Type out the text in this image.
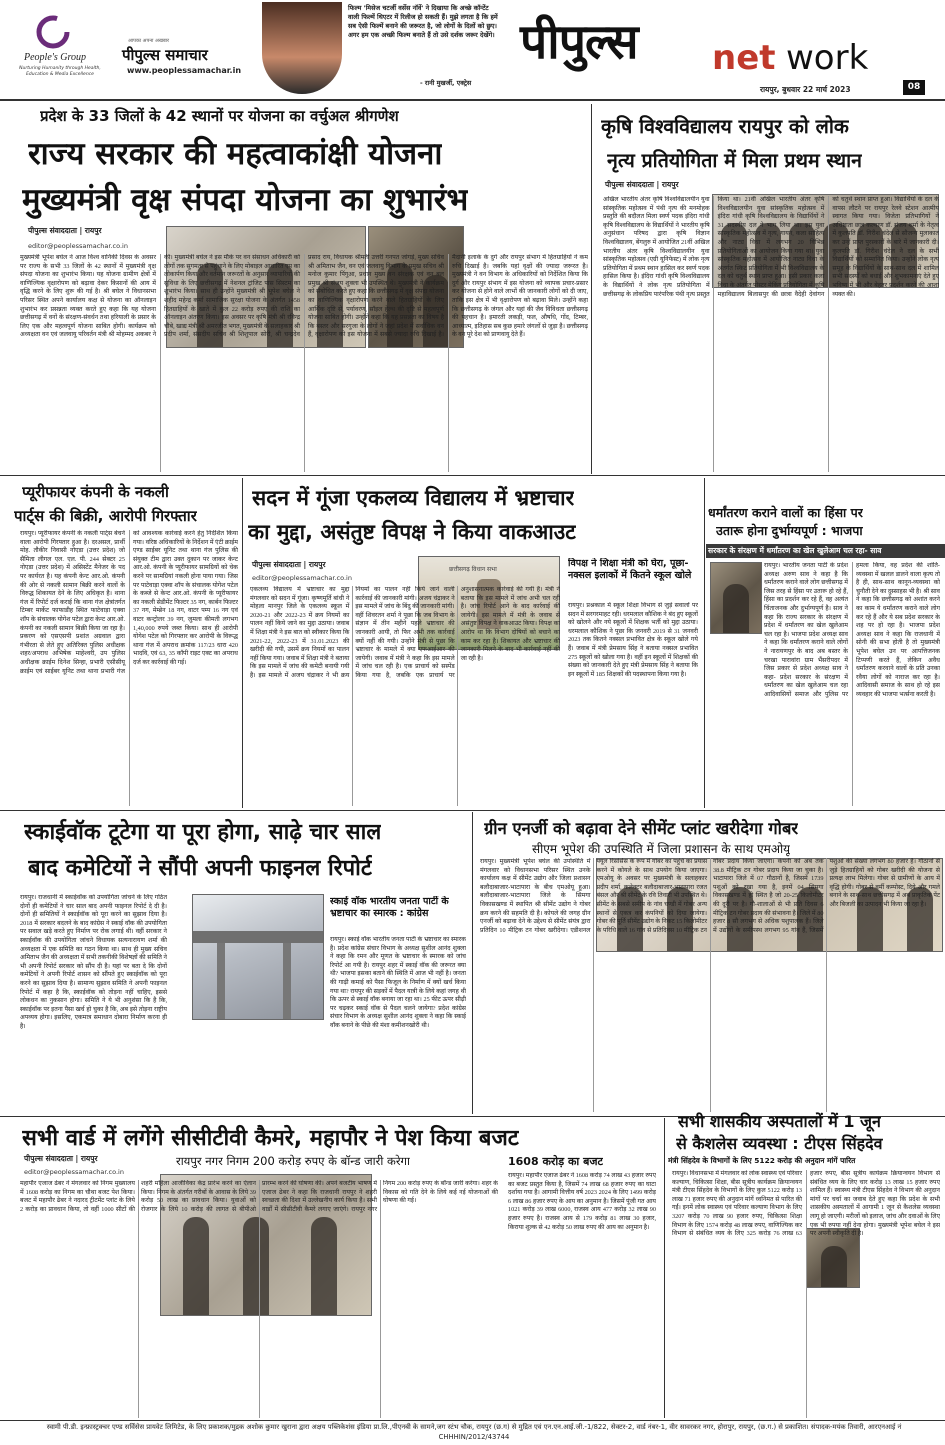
People's Group
Nurturing Humanity through Health, Education & Media Excellence
आपका अपना अखबार
पीपुल्स समाचार
www.peoplessamachar.in
फिल्म 'मिसेज चटर्जी वर्सेस नॉर्वे' ने दिखाया कि अच्छे कॉन्टेंट वाली फिल्में थिएटर में रिलीज हो सकती हैं। मुझे लगता है कि हमें सब ऐसी फिल्में बनाने की जरूरत है, जो लोगों के दिलों को छुए। अगर हम एक अच्छी फिल्म बनाते हैं तो उसे दर्शक जरूर देखेंगे।
- रानी मुखर्जी, एक्ट्रेस
पीपुल्स net work
रायपुर, बुधवार 22 मार्च 2023	08
प्रदेश के 33 जिलों के 42 स्थानों पर योजना का वर्चुअल श्रीगणेश
राज्य सरकार की महत्वाकांक्षी योजना
मुख्यमंत्री वृक्ष संपदा योजना का शुभारंभ
पीपुल्स संवाददाता | रायपुर
editor@peoplessamachar.co.in
मुख्यमंत्री भूपेश बघेल ने आज विश्व वानिकी दिवस के अवसर पर राज्य के सभी 33 जिलों के 42 स्थानों में मुख्यमंत्री वृक्ष संपदा योजना का शुभारंभ किया। यह योजना ग्रामीण क्षेत्रों में वाणिज्यिक वृक्षारोपण को बढ़ावा देकर किसानों की आय में वृद्धि करने के लिए शुरू की गई है। श्री बघेल ने विधानसभा परिसर स्थित अपने कार्यालय कक्ष से योजना का ऑनलाइन शुभारंभ कर प्रसन्नता व्यक्त करते हुए कहा कि यह योजना छत्तीसगढ़ में वनों के संरक्षण-संवर्धन तथा हरियाली के प्रसार के लिए एक और महत्वपूर्ण योजना साबित होगी। कार्यक्रम को अध्यक्षता वन एवं जलवायु परिवर्तन मंत्री श्री मोहम्मद अकबर ने की। मुख्यमंत्री बघेल ने इस मौके पर वन संसाधन अधिकारी को लोगों तक सुगमता से पहुंचाने के लिए मोबाइल आधारित एप का लोकार्पण किया और वर्तमान जरूरतों के अनुसार व्यापारियों की सुविधा के लिए छत्तीसगढ़ में नेशनल ट्रांजिट पास सिस्टम का शुभारंभ किया। साथ ही उन्होंने मुख्यमंत्री श्री भूपेश बघेल ने शहीद महेन्द्र कर्मा सामाजिक सुरक्षा योजना के अंतर्गत 1458 हितग्राहियों के खाते में कुल 22 करोड़ रुपए की राशि का ऑनलाइन अंतरण किया। इस अवसर पर कृषि मंत्री श्री रविन्द्र चौबे, खाद्य मंत्री श्री अमरजीत भगत, मुख्यमंत्री के सलाहकार श्री प्रदीप शर्मा, संसदीय सचिव श्री शिशुपाल सोरी, श्री चन्द्रदेव प्रसाद राय, विधायक श्रीमती उत्तरी गनपत जांगड़े, मुख्य सचिव श्री अमिताभ जैन, वन एवं जलवायु विभाग के प्रमुख सचिव श्री मनोज कुमार पिंगुआ, प्रधान मुख्य वन संरक्षक एवं वन बल प्रमुख श्री संजय शुक्ला भी उपस्थित थे। मुख्यमंत्री ने कार्यक्रम को संबोधित करते हुए कहा कि छत्तीसगढ़ में वृक्ष संपदा योजना का वाणिज्यिक वृक्षारोपण करने वाले हितग्राहियों के लिए आर्थिक दृष्टि से, पर्यावरण, सॉइल हेल्थ की दृष्टि से महत्वपूर्ण योजना साबित होगी। उन्होंने कहा कि यह प्रसन्नता का विषय है कि बस्तर और सरगुजा के लोगों ने जहां प्रदेश में सर्वाधिक वन हैं, वृक्षारोपण को इस योजना में सबसे ज्यादा रुचि दिखाई है। मैदानी इलाके के दुर्ग और रायपुर संभाग में हितग्राहियों ने कम रुचि दिखाई है। जबकि यहां वृक्षों की ज्यादा जरूरत है। मुख्यमंत्री ने वन विभाग के अधिकारियों को निर्देशित किया कि दुर्ग और रायपुर संभाग में इस योजना को व्यापक प्रचार-प्रसार कर योजना से होने वाले लाभों की जानकारी लोगों को दी जाए, ताकि इस क्षेत्र में भी वृक्षारोपण को बढ़ावा मिले। उन्होंने कहा कि छत्तीसगढ़ के जंगल और यहां की जैव विविधता छत्तीसगढ़ की पहचान है। इमारती लकड़ी, फल, औषधि, गोंद, टिम्बर, आध्यात्म, इतिहास सब कुछ हमारे जंगलों से जुड़ा है। छत्तीसगढ़ के वन पूरे देश को प्राणवायु देते हैं।
कृषि विश्वविद्यालय रायपुर को लोक
नृत्य प्रतियोगिता में मिला प्रथम स्थान
पीपुल्स संवाददाता | रायपुर
अखिल भारतीय अंतर कृषि विश्वविद्यालयीन युवा सांस्कृतिक महोत्सव में पंथी नृत्य की मनमोहक प्रस्तुति की बदौलत मिला स्वर्ण पदक इंदिरा गांधी कृषि विश्वविद्यालय के विद्यार्थियों ने भारतीय कृषि अनुसंधान परिषद द्वारा कृषि विज्ञान विश्वविद्यालय, बेंगलुरु में आयोजित 21वीं अखिल भारतीय अंतर कृषि विश्वविद्यालयीन युवा सांस्कृतिक महोत्सव (एग्री यूनिफेस्ट) में लोक नृत्य प्रतियोगिता में प्रथम स्थान हासिल कर स्वर्ण पदक हासिल किया है। इंदिरा गांधी कृषि विश्वविद्यालय के विद्यार्थियों ने लोक नृत्य प्रतियोगिता में छत्तीसगढ़ के लोकप्रिय पारंपरिक पंथी नृत्य प्रस्तुत किया था। 21वीं अखिल भारतीय अंतर कृषि विश्वविद्यालयीन युवा सांस्कृतिक महोत्सव में इंदिरा गांधी कृषि विश्वविद्यालय के विद्यार्थियों ने 31 सदस्यीय दल ने भाग लिया था। इस युवा सांस्कृतिक महोत्सव में नृत्य, गायन, कला साहित्य और नाट्य विधा में लगभग 20 विभिन्न प्रतियोगिताओं का आयोजन किया गया था। युवा सांस्कृतिक महोत्सव में आयोजित नाट्य विधा के अंतर्गत स्किट प्रतियोगिता में भी विश्वविद्यालय के दल को चतुर्थ स्थान प्राप्त हुआ। इसी प्रकार कला विधा के अंतर्गत पोस्टर मेकिंग प्रतियोगिता में कृषि महाविद्यालय बिलासपुर की छात्रा वैदेही देवांगन को चतुर्थ स्थान प्राप्त हुआ। विद्यार्थियों के दल के वापस लौटने पर रायपुर रेलवे स्टेशन आत्मीय स्वागत किया गया। विजेता प्रतिभागियों ने अधिष्ठाता छात्र कल्याण डॉ. संजय शर्मा के नेतृत्व में कुलपति डॉ. गिरीश चंदेल से सौजन्य मुलाकात कर उन्हें प्राप्त पुरस्कारों के बारे में जानकारी दी। कुलपति डॉ. गिरीश चंदेल ने दल के सभी विद्यार्थियों को सम्मानित किया। उन्होंने लोक नृत्य समूह के विद्यार्थियों के साथ-साथ दल में शामिल सभी सदस्यों को बधाई और शुभकामनाएं देते हुए भविष्य में भी और बेहतर प्रदर्शन करने की आशा व्यक्त की।
प्यूरीफायर कंपनी के नकली
पार्ट्स की बिक्री, आरोपी गिरफ्तार
रायपुर। प्यूरीफायर कंपनी के नकली पार्ट्स बेचने वाला आरोपी गिरफ्तार हुआ है। दरअसल, प्रार्थी मोह. तौकीर निवासी नोएडा (उत्तर प्रदेश) जो सैमिता लीगल एल. एल. पी. 244 सेक्टर 25 नोएडा (उत्तर प्रदेश) में असिस्टेंट मैनेजर के पद पर कार्यरत है। यह कंपनी केन्ट आर.ओ. कंपनी की ओर से नकली सामान बिक्री करने वालों के विरुद्ध शिकायत देने के लिए अधिकृत है। थाना गंज में रिपोर्ट दर्ज कराई कि थाना गंज क्षेत्रांतर्गत टिम्बर मार्केट फाफाडीह स्थित फाटेवाड़ा एक्वा शॉप के संचालक योगेश पटेल द्वारा केन्ट आर.ओ. कंपनी का नकली सामान बिक्री किया जा रहा है। प्रकरण को एसएसपी प्रशांत अग्रवाल द्वारा गंभीरता से लेते हुए अतिरिक्त पुलिस अधीक्षक शहर/अपराध अभिषेक माहेश्वरी, उप पुलिस अधीक्षक क्राईम दिनेश सिन्हा, प्रभारी एसीसीयू क्राईम एवं साईबर यूनिट तथा थाना प्रभारी गंज को आवश्यक कार्रवाई करने हेतु निर्देशित किया गया। वरिष्ठ अधिकारियों के निर्देशन में एंटी क्राईम एण्ड साईबर यूनिट तथा थाना गंज पुलिस की संयुक्त टीम द्वारा उक्त दुकान पर जाकर केन्ट आर.ओ. कंपनी के प्यूरीफायर सामग्रियों को चेक करने पर सामग्रियां नकली होना पाया गया। जिस पर पाटेवाड़ा एक्वा शॉप के संचालक योगेश पटेल के कब्जे से केन्ट आर.ओ. कंपनी के प्यूरीफायर का नकली सेडीमेंट फिल्टर 35 नग, कार्बन फिल्टर 37 नग, मेम्ब्रेन 18 नग, वाटर पम्प 16 नग एवं वाटर कन्ट्रोलर 39 नग, जुमला कीमती लगभग 1,40,000 रुपये जब्त किया। साथ ही आरोपी योगेश पटेल को गिरफ्तार कर आरोपी के विरूद्ध थाना गंज में अपराध क्रमांक 117/23 धारा 420 भादवि, एवं 63, 35 कॉपी राइट एक्ट का अपराध दर्ज कर कार्रवाई की गई।
सदन में गूंजा एकलव्य विद्यालय में भ्रष्टाचार
का मुद्दा, असंतुष्ट विपक्ष ने किया वाकआउट
पीपुल्स संवाददाता | रायपुर
editor@peoplessamachar.co.in
छत्तीसगढ़ विधान सभा
एकलव्य विद्यालय में भ्रष्टाचार का मुद्दा मंगलवार को सदन में गूंजा। कृष्णमूर्ति बांधी ने मोहला मानपुर जिले के एकलव्य स्कूल में 2020-21 और 2022-23 में क्रय नियमों का पालन नहीं किये जाने का मुद्दा उठाया। जवाब में शिक्षा मंत्री ने इस बात को स्वीकार किया कि 2021-22, 2022-23 में 31.01.2023 की खरीदी की गयी, उसमें क्रय नियमों का पालन नहीं किया गया। जवाब में शिक्षा मंत्री ने बताया कि इस मामले में जांच की कमेटी बनायी गयी है। इस मामले में अजय चंद्राकर ने भी क्रय नियमों का पालन नहीं किये जाने वाली कार्रवाई की जानकारी मांगी। अजय चंद्राकर ने इस मामले में जांच के बिंदु की जानकारी मांगी। वहीं शिवरतन शर्मा ने पूछा कि जब विभाग के संज्ञान में तीन महीने पहले भ्रष्टाचार की जानकारी आयी, तो फिर अभी तक कार्रवाई क्यों नहीं की गयी। उन्होंने मंत्री से पूछा कि भ्रष्टाचार के मामले में क्या एफआईआर की जायेगी। जवाब में मंत्री ने कहा कि इस मामले में जांच चल रही है। एक प्राचार्य को सस्पेंड किया गया है, जबकि एक प्राचार्य पर अनुशासनात्मक कार्रवाई की गयी है। मंत्री ने बताया कि इस मामले में जांच अभी चल रही है। जांच रिपोर्ट आने के बाद कार्रवाई की जायेगी। इस मामले में मंत्री के जवाब से असंतुष्ट विपक्ष ने वाकआउट किया। विपक्ष का आरोप था कि विभाग दोषियों को बचाने का काम कर रहा है। शिकायत और भ्रष्टाचार की जानकारी मिलने के बाद भी कार्रवाई नहीं की जा रही है।
विपक्ष ने शिक्षा मंत्री को घेरा, पूछा-नक्सल इलाकों में कितने स्कूल खोले
रायपुर। प्रश्नकाल में स्कूल शिक्षा विभाग से जुड़े सवालों पर सदन में सरगरमाहट रही। धरमलाल कौशिक ने बंद हुए स्कूलों को खोलने और नये स्कूलों में शिक्षक भर्ती को मुद्दा उठाया। धरमलाल कौशिक ने पूछा कि जनवरी 2019 से 31 जनवरी 2023 तक कितने नक्सल प्रभावित क्षेत्र के स्कूल खोले गये हैं। जवाब में मंत्री प्रेमसाय सिंह ने बताया नक्सल प्रभावित 275 स्कूलों को खोला गया है। वहीं इन स्कूलों में शिक्षकों की संख्या को जानकारी देते हुए मंत्री प्रेमसाय सिंह ने बताया कि इन स्कूलों में 185 शिक्षकों की पदस्थापना किया गया है।
धर्मांतरण कराने वालों का हिंसा पर
उतारू होना दुर्भाग्यपूर्ण : भाजपा
सरकार के संरक्षण में धर्मांतरण का खेल खुलेआम चल रहा- साव
रायपुर। भारतीय जनता पार्टी के प्रदेश अध्यक्ष अरुण साव ने कहा है कि धर्मांतरण कराने वाले लोग छत्तीसगढ़ में जिस तरह से हिंसा पर उतारू हो रहे हैं, हिंसा का प्रदर्शन कर रहे हैं, वह अत्यंत चिंताजनक और दुर्भाग्यपूर्ण है। साव ने कहा कि राज्य सरकार के संरक्षण में प्रदेश में धर्मांतरण का खेल खुलेआम चल रहा है। भाजपा प्रदेश अध्यक्ष साव ने कहा कि धर्मांतरण कराने वाले लोगों ने नारायणपुर के बाद अब बस्तर के चरखा पारावांरा ग्राम भैंसरीपदर में जिस प्रकार से प्रदेश अध्यक्ष साव ने कहा- प्रदेश सरकार के संरक्षण में धर्मांतरण का खेल खुलेआम चल रहा आदिवासियों समाज और पुलिस पर हमला किया, वह प्रदेश की शांति-व्यवस्था में खलल डालने वाला कृत्य तो है ही, साथ-साथ कानून-व्यवस्था को चुनौती देने का दुस्साहस भी है। श्री साव ने कहा कि छत्तीसगढ़ को अशांत करने का काम ये धर्मांतरण कराने वाले लोग कर रहे हैं और ये सब प्रदेश सरकार के शह पर हो रहा है। भाजपा प्रदेश अध्यक्ष साव ने कहा कि राजधानी में सोनी की सभा होती है तो मुख्यमंत्री भूपेश बघेल उन पर आपत्तिजनक टिप्पणी करते हैं, लेकिन अवैध धर्मांतरण करवाने वालों के प्रति उनका रवैया लोगों को नाराज कर रहा है। आदिवासी समाज के साथ हो रहे इस व्यवहार की भाजपा भर्त्सना करती है।
स्काईवॉक टूटेगा या पूरा होगा, साढ़े चार साल
बाद कमेटियों ने सौंपी अपनी फाइनल रिपोर्ट
रायपुर। राजधानी में स्काईवॉक को उपयोगिता जांचने के लिए गठित दोनों ही कमेटियों ने चार साल बाद अपनी फाइनल रिपोर्ट दे दी है। दोनों ही समितियों ने स्काईवॉक को पूरा करने का सुझाव दिया है। 2018 में सरकार बदलने के बाद कांग्रेस ने स्काई वॉक की उपयोगिता पर सवाल खड़े करते हुए निर्माण पर रोक लगाई थी। वहीं सरकार ने स्काईवॉक की उपयोगिता जांचने विधायक सत्यनारायण शर्मा की अध्यक्षता में एक समिति का गठन किया था। साथ ही मुख्य सचिव अमिताभ जैन की अध्यक्षता में सभी तकनीकी विशेषज्ञों की समिति ने भी अपनी रिपोर्ट सरकार को सौंप दी है। यहां पर बता दे कि दोनों कमेटियों ने अपनी रिपोर्ट शासन को सौंपते हुए स्काईवॉक को पूरा करने का सुझाव दिया है। सामान्य सुझाव समिति ने अपनी फाइनल रिपोर्ट में कहा है कि, स्काईवॉक को तोड़ना नहीं चाहिए, इससे लोकधन का नुकसान होगा। समिति ने ये भी अनुशंसा कि है कि, स्काईवॉक पर इतना पैसा खर्च हो चुका है कि, अब इसे तोड़ना राष्ट्रीय अपव्यय होगा। इसलिए, एकमात्र समाधान दोबारा निर्माण करना ही है।
स्काई वॉक भारतीय जनता पार्टी के भ्रष्टाचार का स्मारक : कांग्रेस
रायपुर। स्काई वॉक भारतीय जनता पार्टी के भ्रष्टाचार का स्मारक है। प्रदेश कांग्रेस संचार विभाग के अध्यक्ष सुशील आनंद शुक्ला ने कहा कि रमन और मूणत के भ्रष्टाचार के स्मारक को जांच रिपोर्ट आ गयी है। रायपुर शहर में स्काई वॉक की जरूरत क्या थी? भाजपा इसका बताने की स्थिति में आज भी नहीं है। जनता की गाढ़ी कमाई को पैसा फिजूल के निर्माण में क्यों खर्च किया गया था? रायपुर की सड़कों में पैदल यात्री के लिये कहां जगह थी कि ऊपर से स्काई वॉक बनाया जा रहा था। 25 फीट ऊपर सीढ़ी पर चढ़कर स्काई वॉक से पैदल चलने जायेगा? प्रदेश कांग्रेस संचार विभाग के अध्यक्ष सुशील आनंद शुक्ला ने कहा कि स्काई वॉक बनाने के पीछे की मंशा कमीशनखोरी थी।
ग्रीन एनर्जी को बढ़ावा देने सीमेंट प्लांट खरीदेगा गोबर
सीएम भूपेश की उपस्थिति में जिला प्रशासन के साथ एमओयू
रायपुर। मुख्यमंत्री भूपेश बघेल की उपस्थिति में मंगलवार को विधानसभा परिसर स्थित उनके कार्यालय कक्ष में सीमेंट उद्योग और जिला प्रशासन बलौदाबाजार-भाटापारा के बीच एमओयू हुआ। बलौदाबाजार-भाटापारा जिले के सिमगा विकासखण्ड में स्थापित श्री सीमेंट उद्योग ने गोबर क्रय करने की सहमति दी है। कोयले की जगह ग्रीन एनर्जी को बढ़ावा देने के उद्देश्य से सीमेंट संयंत्र द्वारा प्रतिदिन 10 मीट्रिक टन गोबर खरीदेगा। एडीशनल फ्यूल रिसोर्सेस के रूप में गोबर का पहुंचे का प्रयास करने में कोयले के साथ उपयोग किया जाएगा। एमओयू के अवसर पर मुख्यमंत्री के सलाहकार प्रदीप शर्मा, कलेक्टर बलौदाबाजार-भाटापारा रजत बंसल और श्री सीमेंट के रवि तिवारी भी उपस्थित थे। सीमेंट के सबसे समीप के नांव चण्डी में गोबर अन्य स्थानों से एकत्र कर कंपनियों को दिया जायेगा। गोबर की पूर्ति सीमेंट उद्योग के निकट 15 किलोमीटर के परिधि वाले 16 गांव से प्रतिदिवस 10 मीट्रिक टन गोबर प्रदाय किया जाएगा। कंपनी को अब तक 38.8 मीट्रिक टन गोबर प्रदाय किया जा चुका है। भाटापारा जिले में 07 गौठानों है, जिसमें 1739 पशुओं को रखा गया है, इनमें 04 सिमगा विकासखण्ड में हो स्थित है जो 20-25 किलोमीटर की दूरी पर है। गौ-शालाओं से भी प्रति दिवस 6 मीट्रिक टन गोबर प्रदाय की संभावना है। जिले में 80 हजार 8 सौ लगभग से अधिक पशुपालक हैं। जिले में उद्योगों के समीपस्थ लगभग 95 गांव हैं, जिसमें पशुओं की संख्या लगभग 80 हजार है। गौठानों से जुड़े हितग्राहियों को गोबर खरीदी की योजना से प्रत्यक्ष लाभ मिलेगा। गोबर से ग्रामीणों के आय में वृद्धि होगी। गोबर से वर्मी कम्पोस्ट, दिये और गमले बनाने के साथ-साथ छत्तीसगढ़ में अब प्राकृतिक पेंट और बिजली का उत्पादन भी किया जा रहा है।
सभी वार्ड में लगेंगे सीसीटीवी कैमरे, महापौर ने पेश किया बजट
पीपुल्स संवाददाता | रायपुर	रायपुर नगर निगम 200 करोड़ रुपए के बॉन्ड जारी करेगा
editor@peoplessamachar.co.in
महापौर एजाज ढेबर ने मंगलवार को निगम मुख्यालय में 1608 करोड़ का निगम का चौथा बजट पेश किया। बजट में महापौर ढेबर ने नदारद ट्रीटमेंट प्लांट के लिये 2 करोड़ का प्रावधान किया, तो वहीं 1000 सीटों की शहरी महिला आजीविका केंद्र प्रारंभ करने का ऐलान किया। निगम के अंतर्गत गरीबों के आवास के लिये 39 करोड़ 50 लाख का प्रावधान किया। युवाओं को रोजगार के लिये 10 करोड़ की लागत से बीपीओ प्रारम्भ करने की घोषणा की। अपने बजटीय भाषण में एजाज ढेबर ने कहा कि राजधानी रायपुर ने शहरी स्वच्छता की दिशा में उल्लेखनीय कार्य किया है। सभी वार्डों में सीसीटीवी कैमरे लगाए जाएंगे। रायपुर नगर निगम 200 करोड़ रुपए के बॉन्ड जारी करेगा। शहर के विकास को गति देने के लिये कई नई योजनाओं की घोषणा की गई।
1608 करोड़ का बजट
रायपुर। महापौर एजाज ढेबर ने 1608 करोड़ 74 लाख 43 हजार रुपए का बजट प्रस्तुत किया है, जिसमें 74 लाख 68 हजार रुपए का घाटा दर्शाया गया है। आगामी वित्तीय वर्ष 2023 2024 के लिए 1499 करोड़ 6 लाख 86 हजार रुपए के आय का अनुमान है। जिसमें पूंजी गत आय 1021 करोड़ 39 लाख 6000, राजस्व आय 477 करोड़ 32 लाख 90 हजार रुपए है। राजस्व आय से 179 करोड़ 81 लाख 30 हजार, किराया शुल्क से 42 करोड़ 50 लाख रुपए की आय का अनुमान है।
सभी शासकीय अस्पतालों में 1 जून
से कैशलेस व्यवस्था : टीएस सिंहदेव
मंत्री सिंहदेव के विभागों के लिए 5122 करोड़ की अनुदान मांगें पारित
रायपुर। विधानसभा में मंगलवार को लोक स्वास्थ्य एवं परिवार कल्याण, चिकित्सा शिक्षा, बीस सूत्रीय कार्यक्रम क्रियान्वयन मंत्री टीएस सिंहदेव के विभागों के लिए कुल 5122 करोड़ 13 लाख 71 हजार रुपए की अनुदान मांगें ध्वनिमत से पारित की गईं। इनमें लोक स्वास्थ्य एवं परिवार कल्याण विभाग के लिए 3207 करोड़ 70 लाख 90 हजार रुपए, चिकित्सा शिक्षा विभाग के लिए 1574 करोड़ 48 लाख रुपए, वाणिज्यिक कर विभाग से संबंधित व्यय के लिए 325 करोड़ 76 लाख 63 हजार रुपए, बीस सूत्रीय कार्यक्रम क्रियान्वयन विभाग से संबंधित व्यय के लिए चार करोड़ 13 लाख 15 हजार रुपए शामिल हैं। स्वास्थ्य मंत्री टीएस सिंहदेव ने विभाग की अनुदान मांगों पर चर्चा का जवाब देते हुए कहा कि प्रदेश के सभी शासकीय अस्पतालों में आगामी 1 जून से कैशलेस व्यवस्था लागू हो जाएगी। मरीजों को इलाज, जांच और दवाओं के लिए एक भी रुपया नहीं देना होगा। मुख्यमंत्री भूपेश बघेल ने इस पर अपनी स्वीकृति दी है।
स्वामी पी.डी. इन्फ्रास्ट्रक्चर एण्ड सर्विसेस प्रायवेट लिमिटेड, के लिए प्रकाशक/मुद्रक अशोक कुमार खुराना द्वारा अक्षय पब्लिकेशंस इंडिया प्रा.लि.,पीएनबी के सामने,जग स्टंभ चौक, रायपुर (छ.ग) से मुद्रित एवं एन.एन.आई.जी.-1/822, सेक्टर-2, वार्ड नंबर-1, वीर सावरकर नगर, होरापुर, रायपुर, (छ.ग.) से प्रकाशित। संपादक-मयंक तिवारी, आरएनआई नं CHHHIN/2012/43744
